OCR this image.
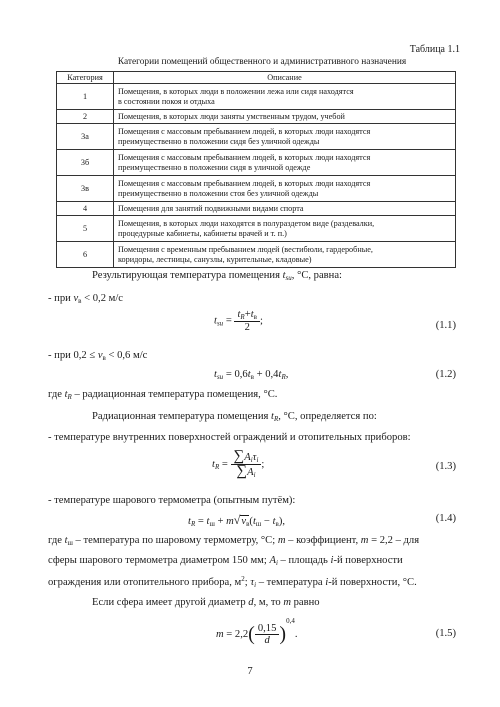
Таблица 1.1
Категории помещений общественного и административного назначения
Категория	Описание
1	Помещения, в которых люди в положении лежа или сидя находятся
в состоянии покоя и отдыха
2	Помещения, в которых люди заняты умственным трудом, учебой
3а	Помещения с массовым пребыванием людей, в которых люди находятся
преимущественно в положении сидя без уличной одежды
3б	Помещения с массовым пребыванием людей, в которых люди находятся
преимущественно в положении сидя в уличной одежде
3в	Помещения с массовым пребыванием людей, в которых люди находятся
преимущественно в положении стоя без уличной одежды
4	Помещения для занятий подвижными видами спорта
5	Помещения, в которых люди находятся в полураздетом виде (раздевалки,
процедурные кабинеты, кабинеты врачей и т. п.)
6	Помещения с временным пребыванием людей (вестибюли, гардеробные,
коридоры, лестницы, санузлы, курительные, кладовые)
Результирующая температура помещения $t_{su}$, °С, равна:
- при $v_в < 0,2$ м/с
$t_{su} = \frac{t_R+t_в}{2}$ ;	(1.1)
- при $0,2 \le v_в < 0,6$ м/с
$t_{su} = 0,6t_в + 0,4t_R$,	(1.2)
где $t_R$ – радиационная температура помещения, °С.
Радиационная температура помещения $t_R$, °С, определяется по:
- температуре внутренних поверхностей ограждений и отопительных приборов:
$t_R = \frac{\sum A_i\tau_i}{\sum A_i}$ ;	(1.3)
- температуре шарового термометра (опытным путём):
$t_R = t_ш + m√v_в(t_ш - t_в)$,	(1.4)
где $t_ш$ – температура по шаровому термометру, °С; m – коэффициент, m = 2,2 – для
сферы шарового термометра диаметром 150 мм; $A_i$ – площадь i-й поверхности
ограждения или отопительного прибора, $м^2$; $\tau_i$ – температура i-й поверхности, °С.
Если сфера имеет другой диаметр d, м, то m равно
$m = 2,2( \frac{0,15}{d} )^{0,4}$.	(1.5)
7
